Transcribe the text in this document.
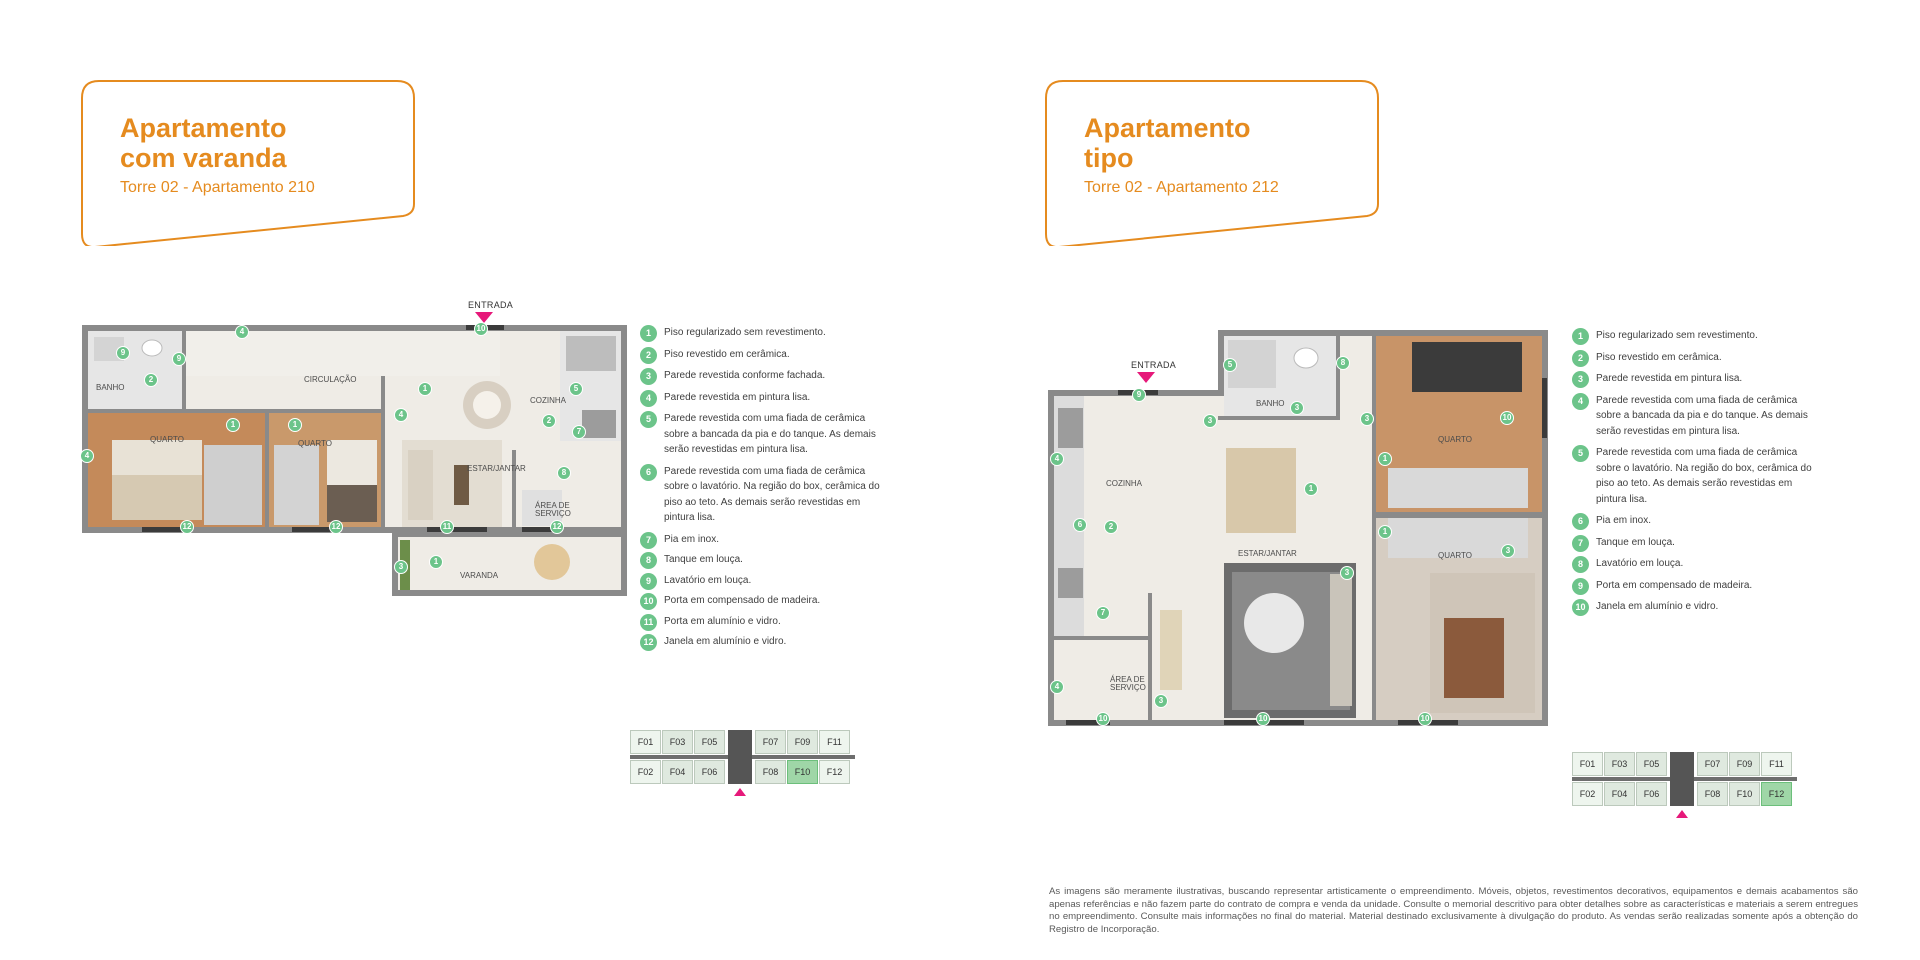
Apartamento
com varanda
Torre 02 - Apartamento 210
ENTRADA
BANHO
CIRCULAÇÃO
QUARTO	QUARTO
COZINHA
ESTAR/JANTAR
ÁREA DE
SERVIÇO
VARANDA
9
9
2
4
1	1
4
4
1
2
5
7
8
10
12	12	11	12
3
1
1	Piso regularizado sem revestimento.
2	Piso revestido em cerâmica.
3	Parede revestida conforme fachada.
4	Parede revestida em pintura lisa.
5	Parede revestida com uma fiada de cerâmica sobre a bancada da pia e do tanque. As demais serão revestidas em pintura lisa.
6	Parede revestida com uma fiada de cerâmica sobre o lavatório. Na região do box, cerâmica do piso ao teto. As demais serão revestidas em pintura lisa.
7	Pia em inox.
8	Tanque em louça.
9	Lavatório em louça.
10	Porta em compensado de madeira.
11	Porta em alumínio e vidro.
12	Janela em alumínio e vidro.
F01	F03	F05	F07	F09	F11
F02	F04	F06	F08	F10	F12
Apartamento
tipo
Torre 02 - Apartamento 212
ENTRADA
BANHO
QUARTO
QUARTO
COZINHA
ESTAR/JANTAR
ÁREA DE
SERVIÇO
5	8
3
3
9
3	10
1
1
1
3
4
6	2
3
7
4
3
10	10	10
1	Piso regularizado sem revestimento.
2	Piso revestido em cerâmica.
3	Parede revestida em pintura lisa.
4	Parede revestida com uma fiada de cerâmica sobre a bancada da pia e do tanque. As demais serão revestidas em pintura lisa.
5	Parede revestida com uma fiada de cerâmica sobre o lavatório. Na região do box, cerâmica do piso ao teto. As demais serão revestidas em pintura lisa.
6	Pia em inox.
7	Tanque em louça.
8	Lavatório em louça.
9	Porta em compensado de madeira.
10	Janela em alumínio e vidro.
F01	F03	F05	F07	F09	F11
F02	F04	F06	F08	F10	F12

As imagens são meramente ilustrativas, buscando representar artisticamente o empreendimento. Móveis, objetos, revestimentos decorativos, equipamentos e demais acabamentos são apenas referências e não fazem parte do contrato de compra e venda da unidade. Consulte o memorial descritivo para obter detalhes sobre as características e materiais a serem entregues no empreendimento. Consulte mais informações no final do material. Material destinado exclusivamente à divulgação do produto. As vendas serão realizadas somente após a obtenção do Registro de Incorporação.
